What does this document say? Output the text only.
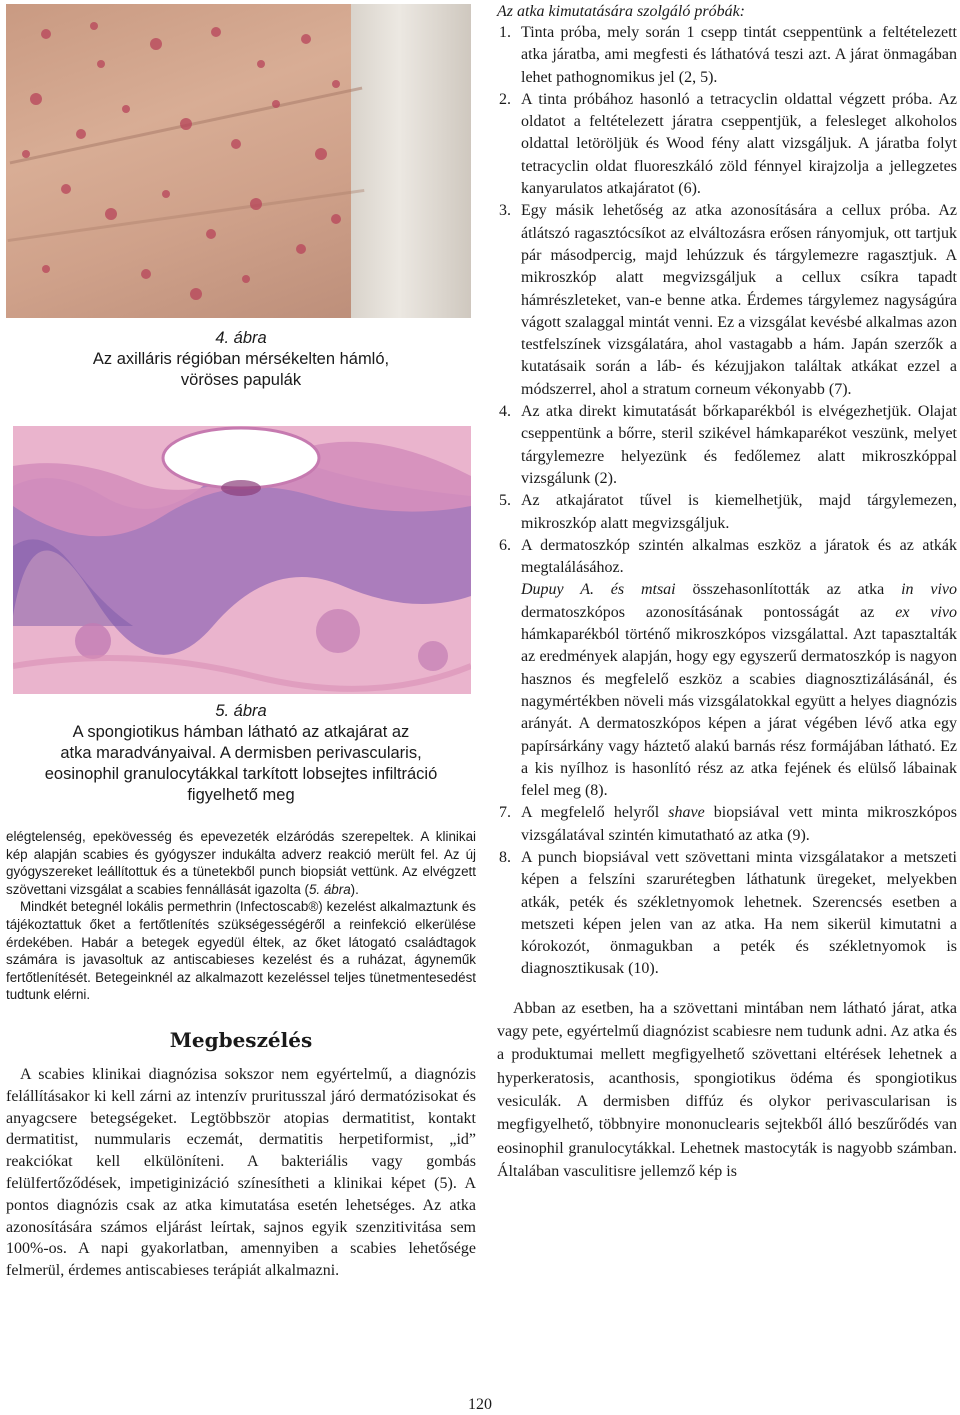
4. ábra
Az axilláris régióban mérsékelten hámló,
vöröses papulák
5. ábra
A spongiotikus hámban látható az atkajárat az
atka maradványaival. A dermisben perivascularis,
eosinophil granulocytákkal tarkított lobsejtes infiltráció
figyelhető meg

elégtelenség, epekövesség és epevezeték elzáródás szerepeltek. A klinikai kép alapján scabies és gyógyszer indukálta adverz reakció merült fel. Az új gyógyszereket leállítottuk és a tünetekből punch biopsiát vettünk. Az elvégzett szövettani vizsgálat a scabies fennállását igazolta (5. ábra).

Mindkét betegnél lokális permethrin (Infectoscab®) kezelést alkalmaztunk és tájékoztattuk őket a fertőtlenítés szükségességéről a reinfekció elkerülése érdekében. Habár a betegek egyedül éltek, az őket látogató családtagok számára is javasoltuk az antiscabieses kezelést és a ruházat, ágyneműk fertőtlenítését. Betegeinknél az alkalmazott kezeléssel teljes tünetmentesedést tudtunk elérni.

Megbeszélés

A scabies klinikai diagnózisa sokszor nem egyértelmű, a diagnózis felállításakor ki kell zárni az intenzív pruritusszal járó dermatózisokat és anyagcsere betegségeket. Legtöbbször atopias dermatitist, kontakt dermatitist, nummularis eczemát, dermatitis herpetiformist, „id” reakciókat kell elkülöníteni. A bakteriális vagy gombás felülfertőződések, impetiginizáció színesítheti a klinikai képet (5). A pontos diagnózis csak az atka kimutatása esetén lehetséges. Az atka azonosítására számos eljárást leírtak, sajnos egyik szenzitivitása sem 100%-os. A napi gyakorlatban, amennyiben a scabies lehetősége felmerül, érdemes antiscabieses terápiát alkalmazni.

Az atka kimutatására szolgáló próbák:
1. Tinta próba, mely során 1 csepp tintát cseppentünk a feltételezett atka járatba, ami megfesti és láthatóvá teszi azt. A járat önmagában lehet pathognomikus jel (2, 5).
2. A tinta próbához hasonló a tetracyclin oldattal végzett próba. Az oldatot a feltételezett járatra cseppentjük, a felesleget alkoholos oldattal letöröljük és Wood fény alatt vizsgáljuk. A járatba folyt tetracyclin oldat fluoreszkáló zöld fénnyel kirajzolja a jellegzetes kanyarulatos atkajáratot (6).
3. Egy másik lehetőség az atka azonosítására a cellux próba. Az átlátszó ragasztócsíkot az elváltozásra erősen rányomjuk, ott tartjuk pár másodpercig, majd lehúzzuk és tárgylemezre ragasztjuk. A mikroszkóp alatt megvizsgáljuk a cellux csíkra tapadt hámrészleteket, van-e benne atka. Érdemes tárgylemez nagyságúra vágott szalaggal mintát venni. Ez a vizsgálat kevésbé alkalmas azon testfelszínek vizsgálatára, ahol vastagabb a hám. Japán szerzők a kutatásaik során a láb- és kézujjakon találtak atkákat ezzel a módszerrel, ahol a stratum corneum vékonyabb (7).
4. Az atka direkt kimutatását bőrkaparékból is elvégezhetjük. Olajat cseppentünk a bőrre, steril szikével hámkaparékot veszünk, melyet tárgylemezre helyezünk és fedőlemez alatt mikroszkóppal vizsgálunk (2).
5. Az atkajáratot tűvel is kiemelhetjük, majd tárgylemezen, mikroszkóp alatt megvizsgáljuk.
6. A dermatoszkóp szintén alkalmas eszköz a járatok és az atkák megtalálásához.
Dupuy A. és mtsai összehasonlították az atka in vivo dermatoszkópos azonosításának pontosságát az ex vivo hámkaparékból történő mikroszkópos vizsgálattal. Azt tapasztalták az eredmények alapján, hogy egy egyszerű dermatoszkóp is nagyon hasznos és megfelelő eszköz a scabies diagnosztizálásánál, és nagymértékben növeli más vizsgálatokkal együtt a helyes diagnózis arányát. A dermatoszkópos képen a járat végében lévő atka egy papírsárkány vagy háztető alakú barnás rész formájában látható. Ez a kis nyílhoz is hasonlító rész az atka fejének és elülső lábainak felel meg (8).
7. A megfelelő helyről shave biopsiával vett minta mikroszkópos vizsgálatával szintén kimutatható az atka (9).
8. A punch biopsiával vett szövettani minta vizsgálatakor a metszeti képen a felszíni szarurétegben láthatunk üregeket, melyekben atkák, peték és székletnyomok lehetnek. Szerencsés esetben a metszeti képen jelen van az atka. Ha nem sikerül kimutatni a kórokozót, önmagukban a peték és székletnyomok is diagnosztikusak (10).

Abban az esetben, ha a szövettani mintában nem látható járat, atka vagy pete, egyértelmű diagnózist scabiesre nem tudunk adni. Az atka és a produktumai mellett megfigyelhető szövettani eltérések lehetnek a hyperkeratosis, acanthosis, spongiotikus ödéma és spongiotikus vesiculák. A dermisben diffúz és olykor perivascularisan is megfigyelhető, többnyire mononuclearis sejtekből álló beszűrődés van eosinophil granulocytákkal. Lehetnek mastocyták is nagyobb számban. Általában vasculitisre jellemző kép is

120
